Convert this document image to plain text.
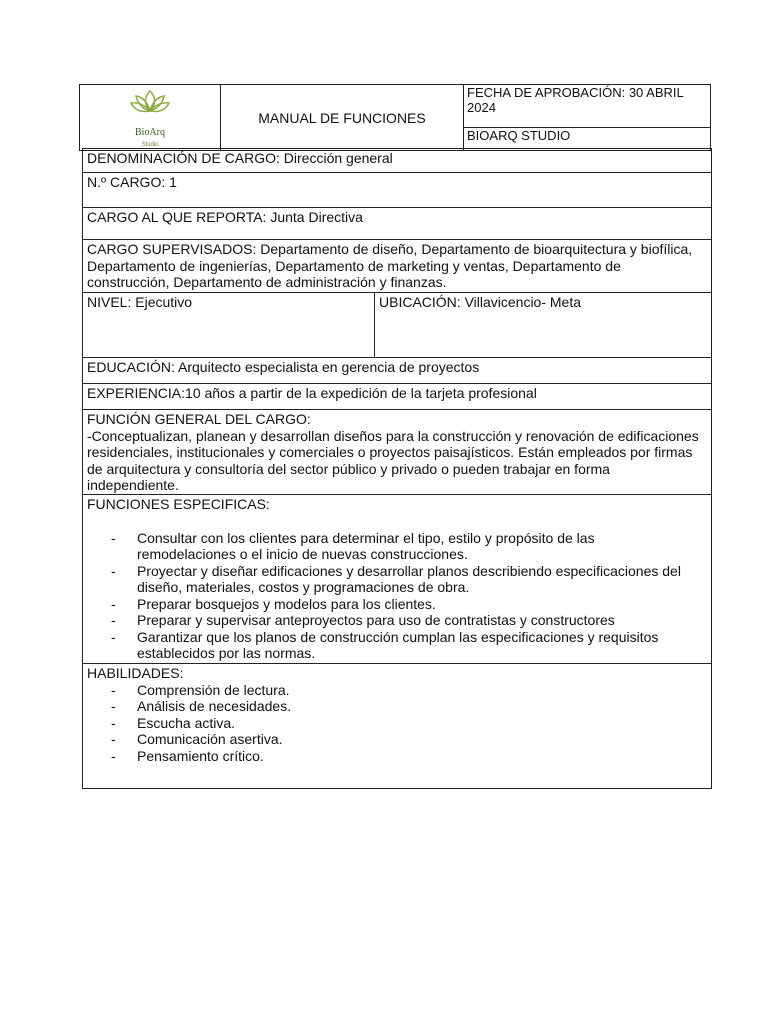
BioArq
Studio
	MANUAL DE FUNCIONES	FECHA DE APROBACIÓN: 30 ABRIL 2024
BIOARQ STUDIO
DENOMINACIÓN DE CARGO: Dirección general

N.º CARGO: 1

CARGO AL QUE REPORTA: Junta Directiva

CARGO SUPERVISADOS: Departamento de diseño, Departamento de bioarquitectura y biofílica, Departamento de ingenierías, Departamento de marketing y ventas, Departamento de construcción, Departamento de administración y finanzas.

NIVEL: Ejecutivo	UBICACIÓN: Villavicencio- Meta

EDUCACIÓN: Arquitecto especialista en gerencia de proyectos

EXPERIENCIA:10 años a partir de la expedición de la tarjeta profesional

FUNCIÓN GENERAL DEL CARGO:
-Conceptualizan, planean y desarrollan diseños para la construcción y renovación de edificaciones residenciales, institucionales y comerciales o proyectos paisajísticos. Están empleados por firmas de arquitectura y consultoría del sector público y privado o pueden trabajar en forma independiente.

FUNCIONES ESPECIFICAS:
- Consultar con los clientes para determinar el tipo, estilo y propósito de las remodelaciones o el inicio de nuevas construcciones.
- Proyectar y diseñar edificaciones y desarrollar planos describiendo especificaciones del diseño, materiales, costos y programaciones de obra.
- Preparar bosquejos y modelos para los clientes.
- Preparar y supervisar anteproyectos para uso de contratistas y constructores
- Garantizar que los planos de construcción cumplan las especificaciones y requisitos establecidos por las normas.

HABILIDADES:
- Comprensión de lectura.
- Análisis de necesidades.
- Escucha activa.
- Comunicación asertiva.
- Pensamiento crítico.
